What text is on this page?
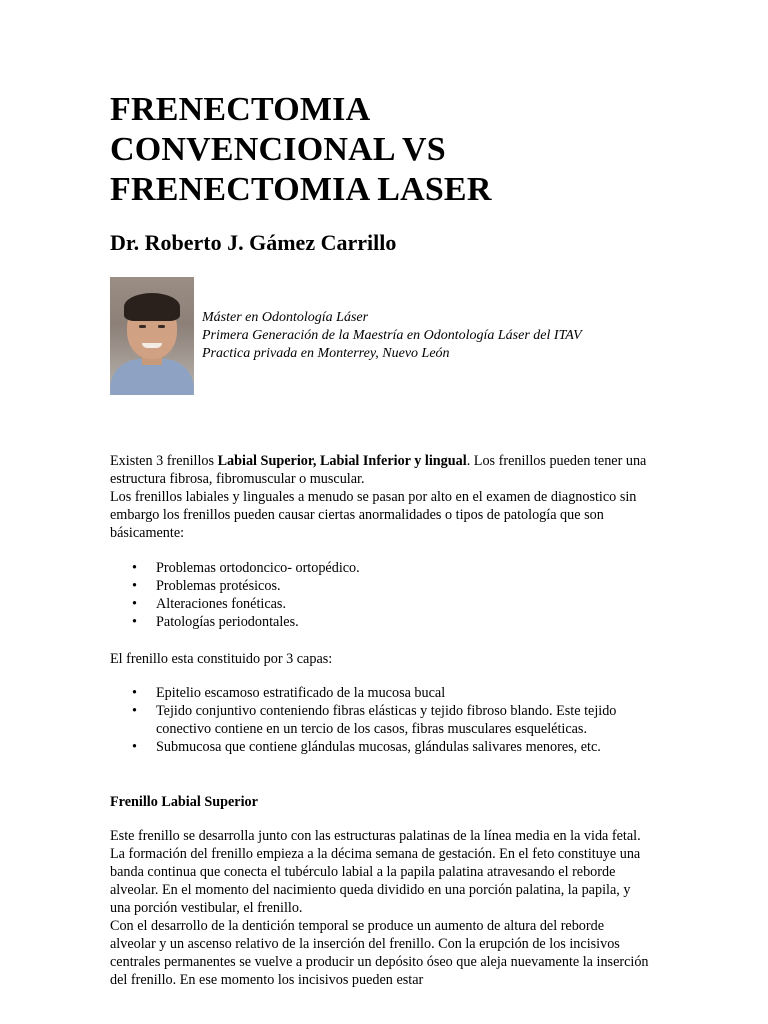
FRENECTOMIA
CONVENCIONAL VS
FRENECTOMIA LASER
Dr. Roberto J. Gámez Carrillo
Máster en Odontología Láser
Primera Generación de la Maestría en Odontología Láser del ITAV
Practica privada en Monterrey, Nuevo León

Existen 3 frenillos Labial Superior, Labial Inferior y lingual. Los frenillos pueden tener una estructura fibrosa, fibromuscular o muscular.

Los frenillos labiales y linguales a menudo se pasan por alto en el examen de diagnostico sin embargo los frenillos pueden causar ciertas anormalidades o tipos de patología que son básicamente:

• Problemas ortodoncico- ortopédico.
• Problemas protésicos.
• Alteraciones fonéticas.
• Patologías periodontales.

El frenillo esta constituido por 3 capas:

• Epitelio escamoso estratificado de la mucosa bucal
• Tejido conjuntivo conteniendo fibras elásticas y tejido fibroso blando. Este tejido conectivo contiene en un tercio de los casos, fibras musculares esqueléticas.
• Submucosa que contiene glándulas mucosas, glándulas salivares menores, etc.

Frenillo Labial Superior

Este frenillo se desarrolla junto con las estructuras palatinas de la línea media en la vida fetal. La formación del frenillo empieza a la décima semana de gestación. En el feto constituye una banda continua que conecta el tubérculo labial a la papila palatina atravesando el reborde alveolar. En el momento del nacimiento queda dividido en una porción palatina, la papila, y una porción vestibular, el frenillo.

Con el desarrollo de la dentición temporal se produce un aumento de altura del reborde alveolar y un ascenso relativo de la inserción del frenillo. Con la erupción de los incisivos centrales permanentes se vuelve a producir un depósito óseo que aleja nuevamente la inserción del frenillo. En ese momento los incisivos pueden estar
